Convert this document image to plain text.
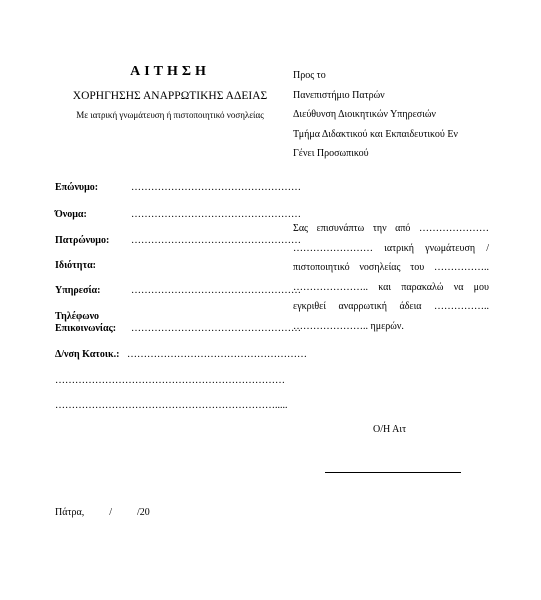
ΑΙΤΗΣΗ
ΧΟΡΗΓΗΣΗΣ ΑΝΑΡΡΩΤΙΚΗΣ ΑΔΕΙΑΣ
Με ιατρική γνωμάτευση ή πιστοποιητικό νοσηλείας
Προς το
Πανεπιστήμιο Πατρών
Διεύθυνση Διοικητικών Υπηρεσιών
Τμήμα Διδακτικού και Εκπαιδευτικού Εν
Γένει Προσωπικού
Επώνυμο:	……………………………………………
Όνομα:	……………………………………………
Πατρώνυμο: ……………………………………………
Ιδιότητα:
Υπηρεσία:	……………………………………………
Τηλέφωνο
Επικοινωνίας: ……………………………………………
Δ/νση Κατοικ.: ………………………………………………
……………………………………………………………
………………………………………………………….....
Σας επισυνάπτω την από ………………… …………………… ιατρική γνωμάτευση / πιστοποιητικό νοσηλείας του …………….. ………………….. και παρακαλώ να μου εγκριθεί αναρρωτική άδεια …………….. ………………….. ημερών.
Ο/Η Αιτ
Πάτρα,          /          /20
